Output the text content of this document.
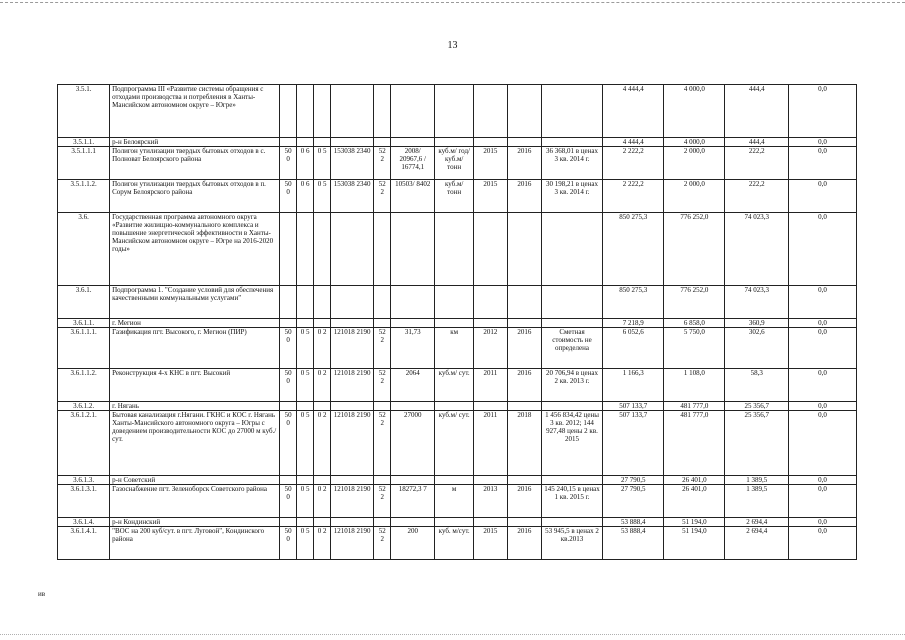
13
3.5.1.	Подпрограмма III «Развитие системы обращения с отходами производства и потребления в Ханты-Мансийском автономном округе – Югре»											4 444,4	4 000,0	444,4	0,0
3.5.1.1.	р-н Белоярский											4 444,4	4 000,0	444,4	0,0
3.5.1.1.1	Полигон утилизации твердых бытовых отходов в с. Полноват Белоярского района	50 0	0 6	0 5	153038 2340	52 2	2008/ 20967,6 / 16774,1	куб.м/ год/ куб.м/ тонн	2015	2016	36 368,01 в ценах 3 кв. 2014 г.	2 222,2	2 000,0	222,2	0,0
3.5.1.1.2.	Полигон утилизации твердых бытовых отходов в п. Сорум Белоярского района	50 0	0 6	0 5	153038 2340	52 2	10503/ 8402	куб.м/ тонн	2015	2016	30 198,21 в ценах 3 кв. 2014 г.	2 222,2	2 000,0	222,2	0,0
3.6.	Государственная программа автономного округа «Развитие жилищно-коммунального комплекса и повышение энергетической эффективности в Ханты-Мансийском автономном округе – Югре на 2016-2020 годы»											850 275,3	776 252,0	74 023,3	0,0
3.6.1.	Подпрограмма 1. "Создание условий для обеспечения качественными коммунальными услугами"											850 275,3	776 252,0	74 023,3	0,0
3.6.1.1.	г. Мегион											7 218,9	6 858,0	360,9	0,0
3.6.1.1.1.	Газификация пгт. Высокого, г. Мегион (ПИР)	50 0	0 5	0 2	121018 2190	52 2	31,73	км	2012	2016	Сметная стоимость не определена	6 052,6	5 750,0	302,6	0,0
3.6.1.1.2.	Реконструкция 4-х КНС в пгт. Высокий	50 0	0 5	0 2	121018 2190	52 2	2064	куб.м/ сут.	2011	2016	20 706,94 в ценах 2 кв. 2013 г.	1 166,3	1 108,0	58,3	0,0
3.6.1.2.	г. Нягань											507 133,7	481 777,0	25 356,7	0,0
3.6.1.2.1.	Бытовая канализация г.Нягани. ГКНС и КОС г. Нягань Ханты-Мансийского автономного округа – Югры с доведением производительности КОС до 27000 м куб./сут.	50 0	0 5	0 2	121018 2190	52 2	27000	куб.м/ сут.	2011	2018	1 456 834,42 цены 3 кв. 2012; 144 927,48 цены 2 кв. 2015	507 133,7	481 777,0	25 356,7	0,0
3.6.1.3.	р-н Советский											27 790,5	26 401,0	1 389,5	0,0
3.6.1.3.1.	Газоснабжение пгт. Зеленоборск Советского района	50 0	0 5	0 2	121018 2190	52 2	18272,3 7	м	2013	2016	145 240,15 в ценах 1 кв. 2015 г.	27 790,5	26 401,0	1 389,5	0,0
3.6.1.4.	р-н Кондинский											53 888,4	51 194,0	2 694,4	0,0
3.6.1.4.1.	"ВОС на 200 куб/сут. в пгт. Луговой", Кондинского района	50 0	0 5	0 2	121018 2190	52 2	200	куб. м/сут.	2015	2016	53 945,5 в ценах 2 кв.2013	53 888,4	51 194,0	2 694,4	0,0
ив
